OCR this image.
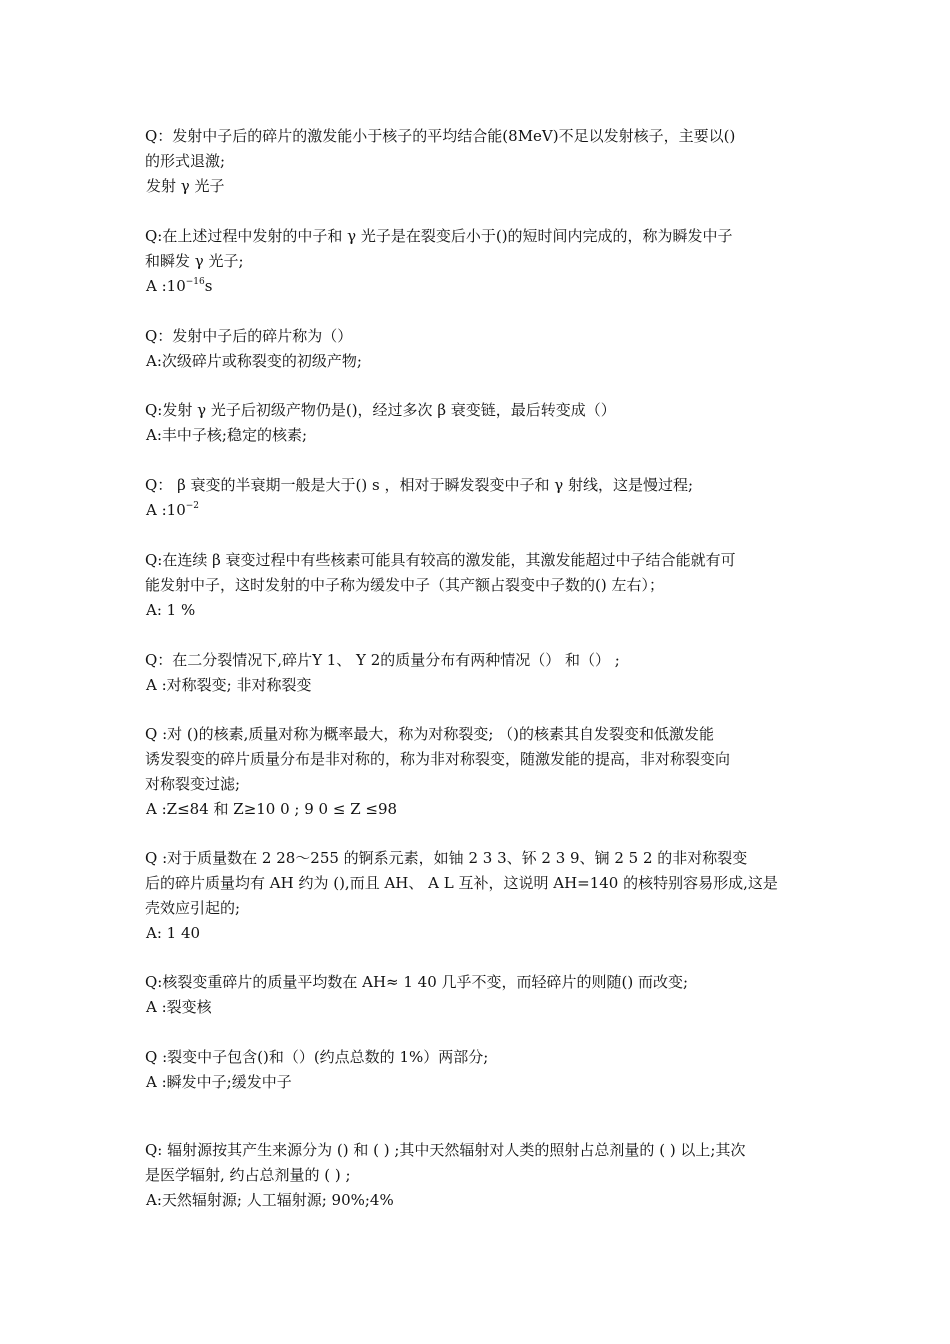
Q：发射中子后的碎片的激发能小于核子的平均结合能(8MeV)不足以发射核子，主要以()
的形式退激;
发射 γ 光子
Q:在上述过程中发射的中子和 γ 光子是在裂变后小于()的短时间内完成的，称为瞬发中子
和瞬发 γ 光子;
A $:10^{-16}s$
Q：发射中子后的碎片称为（）
A:次级碎片或称裂变的初级产物;
Q:发射 γ 光子后初级产物仍是()，经过多次 β 衰变链，最后转变成（）
A:丰中子核;稳定的核素;
Q： β 衰变的半衰期一般是大于() s ，相对于瞬发裂变中子和 γ 射线，这是慢过程;
A $:10^{-2}$
Q:在连续 β 衰变过程中有些核素可能具有较高的激发能，其激发能超过中子结合能就有可
能发射中子，这时发射的中子称为缓发中子（其产额占裂变中子数的() 左右）；
A: 1 %
Q：在二分裂情况下,碎片Y 1、 Y 2的质量分布有两种情况（） 和（） ;
A :对称裂变; 非对称裂变
Q :对 ()的核素,质量对称为概率最大，称为对称裂变; （)的核素其自发裂变和低激发能
诱发裂变的碎片质量分布是非对称的，称为非对称裂变，随激发能的提高，非对称裂变向
对称裂变过滤;
A :Z≤84 和 Z≥10 0 ; 9 0 ≤ Z ≤98
Q :对于质量数在 2 28～255 的锕系元素，如铀 2 3 3、钚 2 3 9、锎 2 5 2 的非对称裂变
后的碎片质量均有 AH 约为 (),而且 AH、 A L 互补，这说明 AH=140 的核特别容易形成,这是
壳效应引起的;
A: 1 40
Q:核裂变重碎片的质量平均数在 AH≈ 1 40 几乎不变，而轻碎片的则随() 而改变;
A :裂变核
Q :裂变中子包含()和（）(约点总数的 1%）两部分;
A :瞬发中子;缓发中子
Q: 辐射源按其产生来源分为 () 和 ( ) ;其中天然辐射对人类的照射占总剂量的 ( ) 以上;其次
是医学辐射, 约占总剂量的 ( ) ;
A:天然辐射源; 人工辐射源; 90%;4%
